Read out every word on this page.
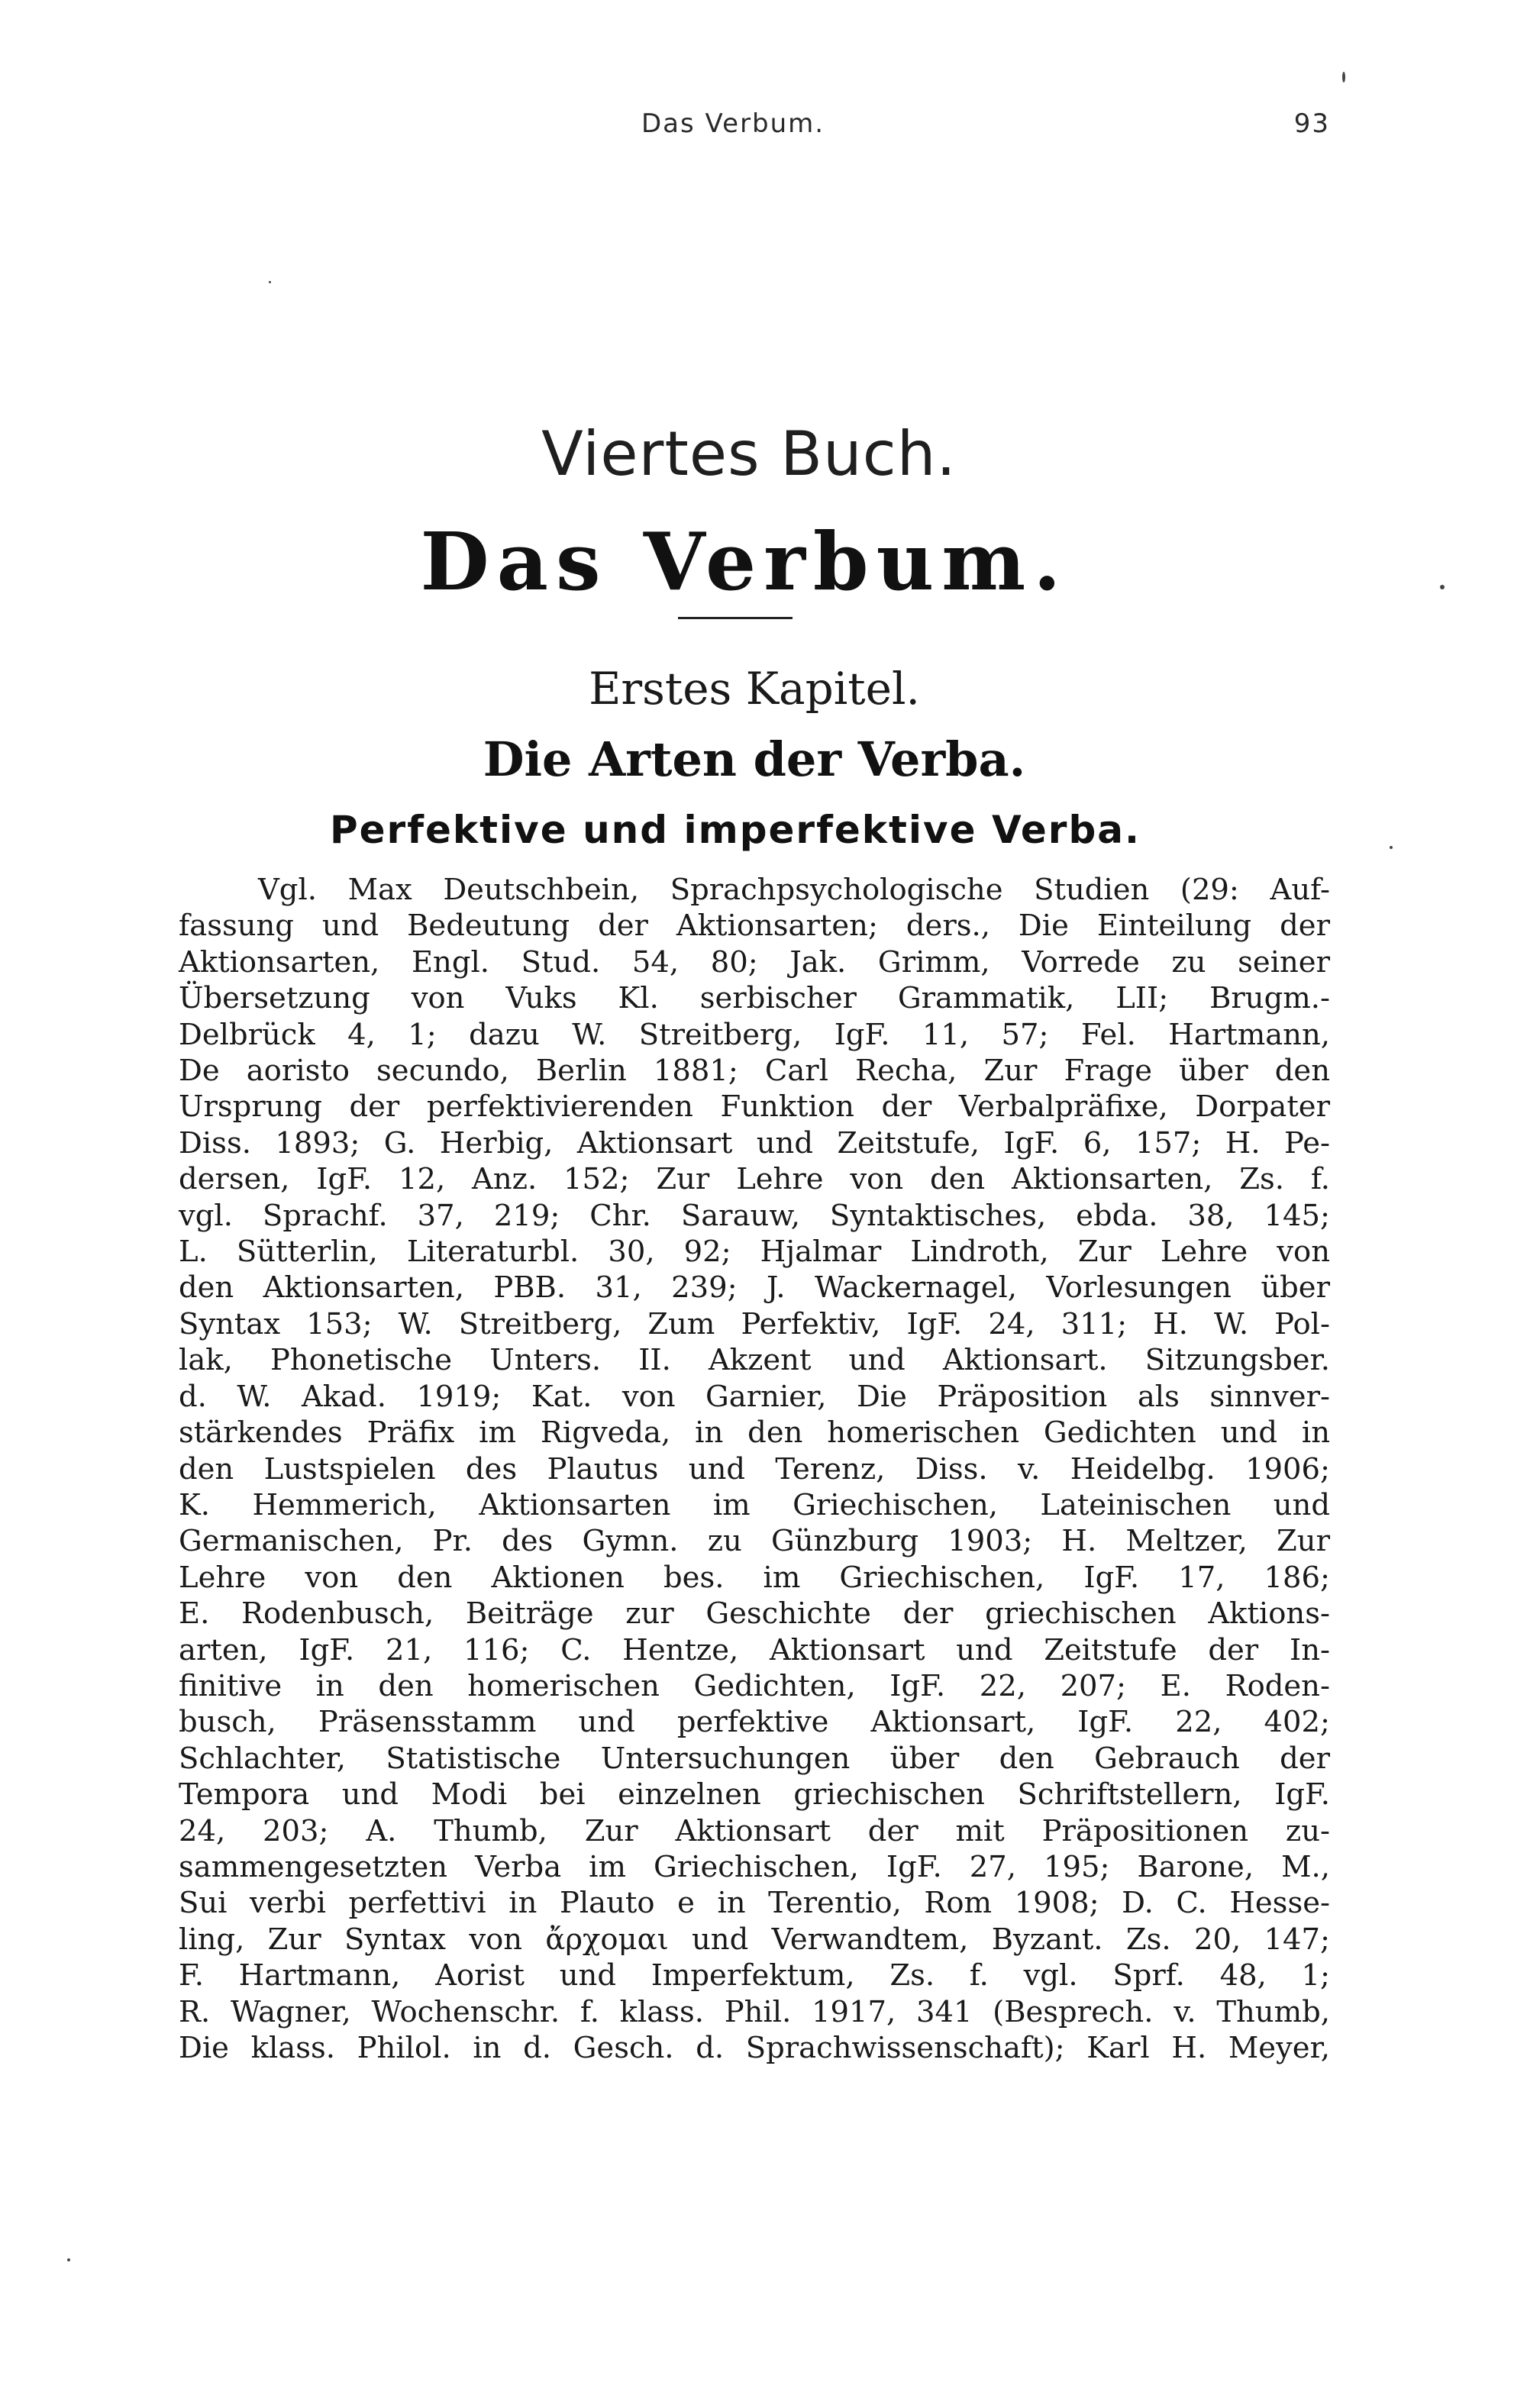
Das Verbum.	93
Viertes Buch.
Das Verbum.
Erstes Kapitel.
Die Arten der Verba.
Perfektive und imperfektive Verba.
Vgl. Max Deutschbein, Sprachpsychologische Studien (29: Auf-
fassung und Bedeutung der Aktionsarten; ders., Die Einteilung der
Aktionsarten, Engl. Stud. 54, 80; Jak. Grimm, Vorrede zu seiner
Übersetzung von Vuks Kl. serbischer Grammatik, LII; Brugm.-
Delbrück 4, 1; dazu W. Streitberg, IgF. 11, 57; Fel. Hartmann,
De aoristo secundo, Berlin 1881; Carl Recha, Zur Frage über den
Ursprung der perfektivierenden Funktion der Verbalpräfixe, Dorpater
Diss. 1893; G. Herbig, Aktionsart und Zeitstufe, IgF. 6, 157; H. Pe-
dersen, IgF. 12, Anz. 152; Zur Lehre von den Aktionsarten, Zs. f.
vgl. Sprachf. 37, 219; Chr. Sarauw, Syntaktisches, ebda. 38, 145;
L. Sütterlin, Literaturbl. 30, 92; Hjalmar Lindroth, Zur Lehre von
den Aktionsarten, PBB. 31, 239; J. Wackernagel, Vorlesungen über
Syntax 153; W. Streitberg, Zum Perfektiv, IgF. 24, 311; H. W. Pol-
lak, Phonetische Unters. II. Akzent und Aktionsart. Sitzungsber.
d. W. Akad. 1919; Kat. von Garnier, Die Präposition als sinnver-
stärkendes Präfix im Rigveda, in den homerischen Gedichten und in
den Lustspielen des Plautus und Terenz, Diss. v. Heidelbg. 1906;
K. Hemmerich, Aktionsarten im Griechischen, Lateinischen und
Germanischen, Pr. des Gymn. zu Günzburg 1903; H. Meltzer, Zur
Lehre von den Aktionen bes. im Griechischen, IgF. 17, 186;
E. Rodenbusch, Beiträge zur Geschichte der griechischen Aktions-
arten, IgF. 21, 116; C. Hentze, Aktionsart und Zeitstufe der In-
finitive in den homerischen Gedichten, IgF. 22, 207; E. Roden-
busch, Präsensstamm und perfektive Aktionsart, IgF. 22, 402;
Schlachter, Statistische Untersuchungen über den Gebrauch der
Tempora und Modi bei einzelnen griechischen Schriftstellern, IgF.
24, 203; A. Thumb, Zur Aktionsart der mit Präpositionen zu-
sammengesetzten Verba im Griechischen, IgF. 27, 195; Barone, M.,
Sui verbi perfettivi in Plauto e in Terentio, Rom 1908; D. C. Hesse-
ling, Zur Syntax von ἄρχομαι und Verwandtem, Byzant. Zs. 20, 147;
F. Hartmann, Aorist und Imperfektum, Zs. f. vgl. Sprf. 48, 1;
R. Wagner, Wochenschr. f. klass. Phil. 1917, 341 (Besprech. v. Thumb,
Die klass. Philol. in d. Gesch. d. Sprachwissenschaft); Karl H. Meyer,
